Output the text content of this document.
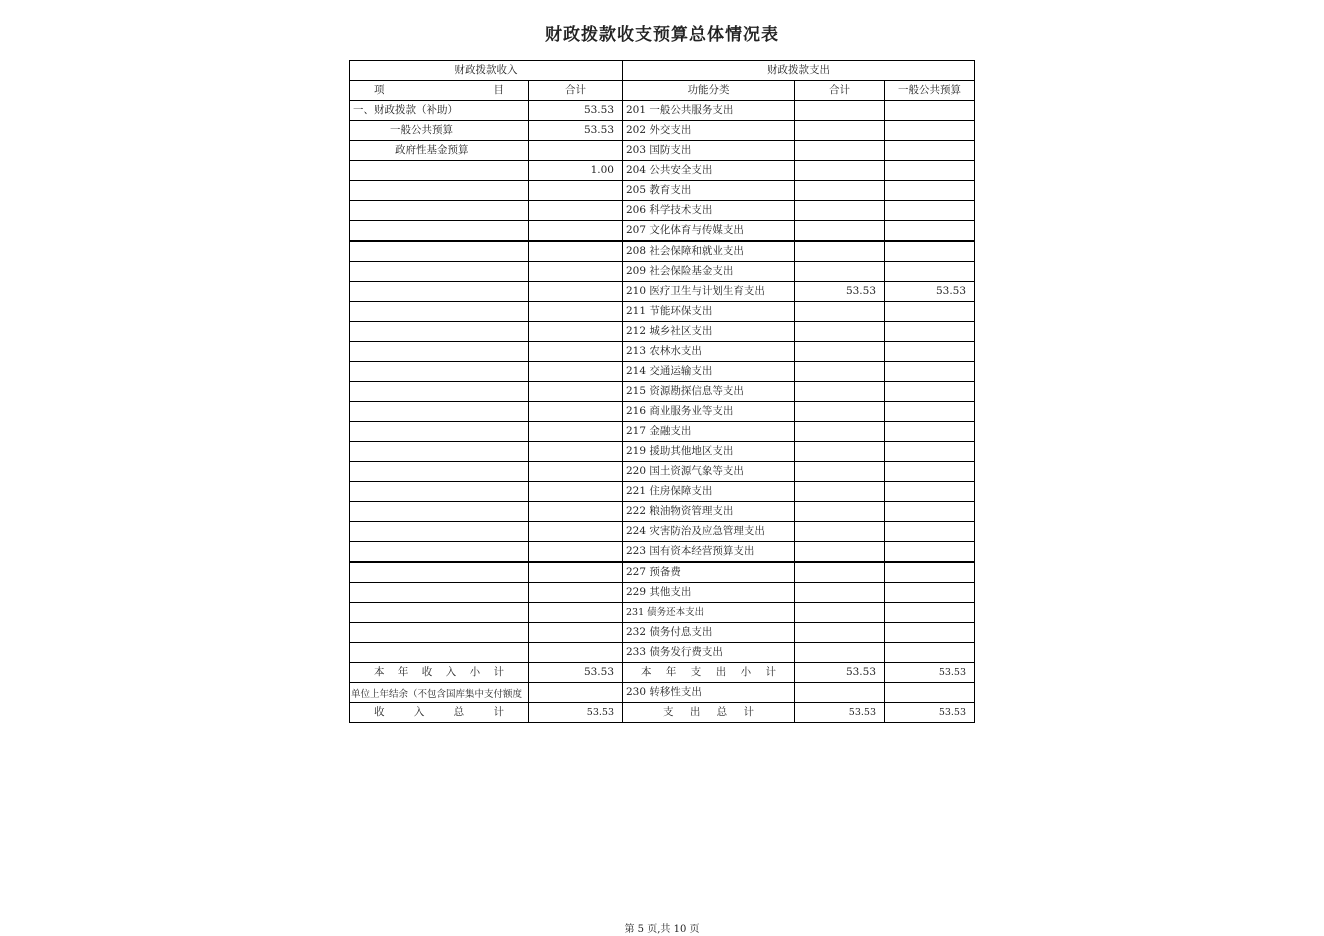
财政拨款收支预算总体情况表
财政拨款收入		财政拨款支出		

项 目	合计	功能分类	合计	一般公共预算
一、财政拨款（补助）	53.53	201 一般公共服务支出		
一般公共预算	53.53	202 外交支出		
政府性基金预算		203 国防支出		
	1.00	204 公共安全支出		
		205 教育支出		
		206 科学技术支出		
		207 文化体育与传媒支出		
		208 社会保障和就业支出		
		209 社会保险基金支出		
		210 医疗卫生与计划生育支出	53.53	53.53
		211 节能环保支出		
		212 城乡社区支出		
		213 农林水支出		
		214 交通运输支出		
		215 资源勘探信息等支出		
		216 商业服务业等支出		
		217 金融支出		
		219 援助其他地区支出		
		220 国土资源气象等支出		
		221 住房保障支出		
		222 粮油物资管理支出		
		224 灾害防治及应急管理支出		
		223 国有资本经营预算支出		
		227 预备费		
		229 其他支出		
		231 债务还本支出		
		232 债务付息支出		
		233 债务发行费支出		
本年收入小计	53.53	本年支出小计	53.53	53.53
单位上年结余（不包含国库集中支付额度		230 转移性支出		
收入总计	53.53	支出总计	53.53	53.53
第 5 页,共 10 页
